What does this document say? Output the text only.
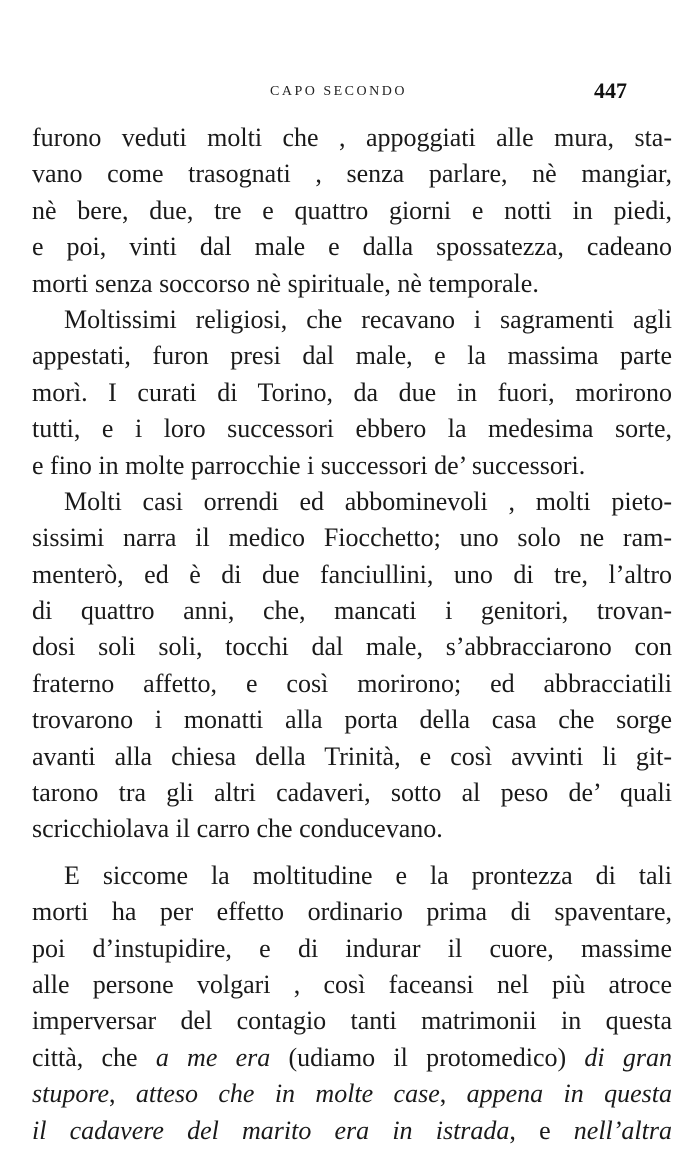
CAPO SECONDO	447
furono veduti molti che , appoggiati alle mura, sta-
vano come trasognati , senza parlare, nè mangiar,
nè bere, due, tre e quattro giorni e notti in piedi,
e poi, vinti dal male e dalla spossatezza, cadeano
morti senza soccorso nè spirituale, nè temporale.
Moltissimi religiosi, che recavano i sagramenti agli
appestati, furon presi dal male, e la massima parte
morì. I curati di Torino, da due in fuori, morirono
tutti, e i loro successori ebbero la medesima sorte,
e fino in molte parrocchie i successori de’ successori.
Molti casi orrendi ed abbominevoli , molti pieto-
sissimi narra il medico Fiocchetto; uno solo ne ram-
menterò, ed è di due fanciullini, uno di tre, l’altro
di quattro anni, che, mancati i genitori, trovan-
dosi soli soli, tocchi dal male, s’abbracciarono con
fraterno affetto, e così morirono; ed abbracciatili
trovarono i monatti alla porta della casa che sorge
avanti alla chiesa della Trinità, e così avvinti li git-
tarono tra gli altri cadaveri, sotto al peso de’ quali
scricchiolava il carro che conducevano.
E siccome la moltitudine e la prontezza di tali
morti ha per effetto ordinario prima di spaventare,
poi d’instupidire, e di indurar il cuore, massime
alle persone volgari , così faceansi nel più atroce
imperversar del contagio tanti matrimonii in questa
città, che a me era (udiamo il protomedico) di gran
stupore, atteso che in molte case, appena in questa
il cadavere del marito era in istrada, e nell’altra
